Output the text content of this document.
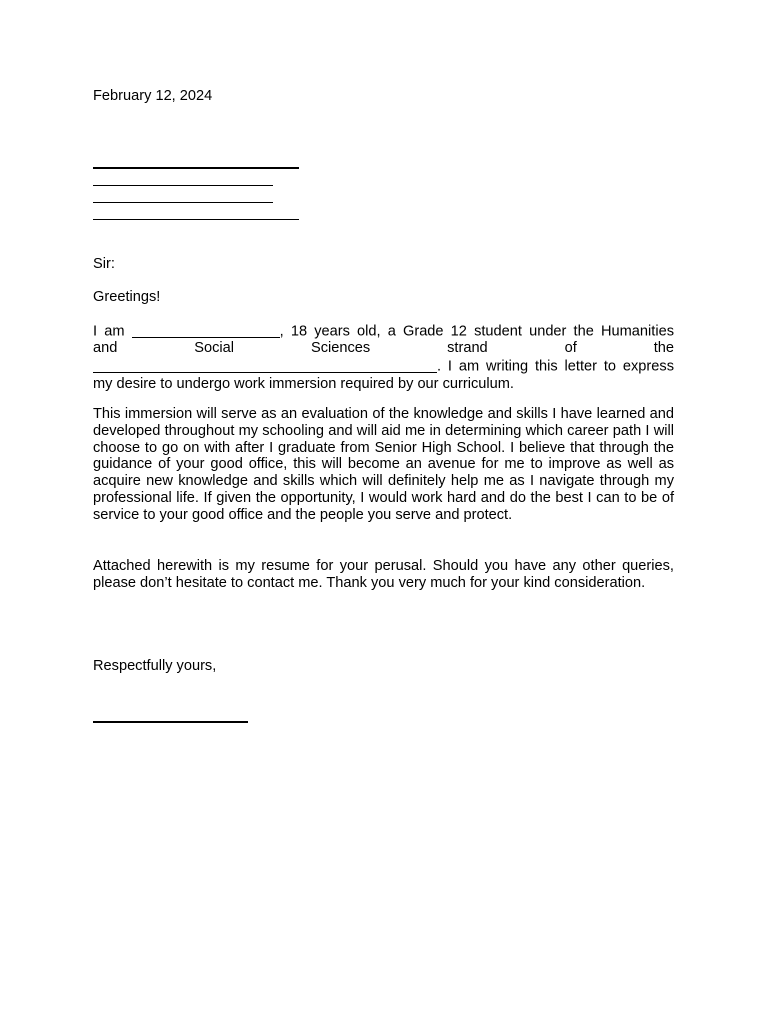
February 12, 2024

Sir:

Greetings!

I am	, 18 years old, a Grade 12 student under the Humanities
and Social Sciences strand of the
. I am writing this letter to express
my desire to undergo work immersion required by our curriculum.

This immersion will serve as an evaluation of the knowledge and skills I have learned and developed throughout my schooling and will aid me in determining which career path I will choose to go on with after I graduate from Senior High School. I believe that through the guidance of your good office, this will become an avenue for me to improve as well as acquire new knowledge and skills which will definitely help me as I navigate through my professional life. If given the opportunity, I would work hard and do the best I can to be of service to your good office and the people you serve and protect.

Attached herewith is my resume for your perusal. Should you have any other queries, please don’t hesitate to contact me. Thank you very much for your kind consideration.

Respectfully yours,
